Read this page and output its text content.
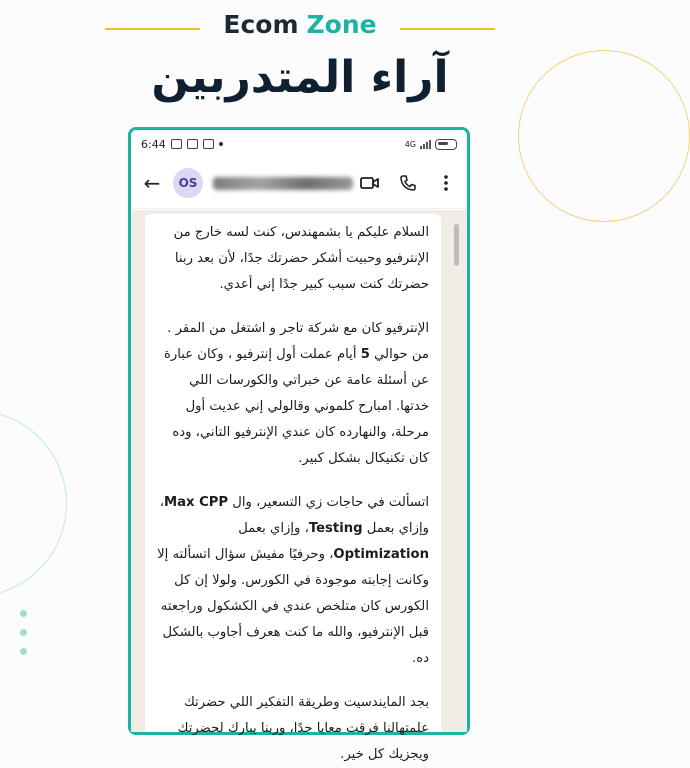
Ecom Zone
آراء المتدربين
6:44	4G
←	OS

السلام عليكم يا بشمهندس، كنت لسه خارج من الإنترفيو وحبيت أشكر حضرتك جدًا، لأن بعد ربنا حضرتك كنت سبب كبير جدًا إني أعدي.

الإنترفيو كان مع شركة تاجر و اشتغل من المقر . من حوالي 5 أيام عملت أول إنترفيو ، وكان عبارة عن أسئلة عامة عن خبراتي والكورسات اللي خدتها. امبارح كلموني وقالولي إني عديت أول مرحلة، والنهارده كان عندي الإنترفيو التاني، وده كان تكنيكال بشكل كبير.

اتسألت في حاجات زي التسعير، وال Max CPP، وإزاي بعمل Testing، وإزاي بعمل Optimization، وحرفيًا مفيش سؤال اتسألته إلا وكانت إجابته موجودة في الكورس. ولولا إن كل الكورس كان متلخص عندي في الكشكول وراجعته قبل الإنترفيو، والله ما كنت هعرف أجاوب بالشكل ده.

بجد المايندسيت وطريقة التفكير اللي حضرتك علمتهالنا فرقت معايا جدًا، وربنا يبارك لحضرتك ويجزيك كل خير.
